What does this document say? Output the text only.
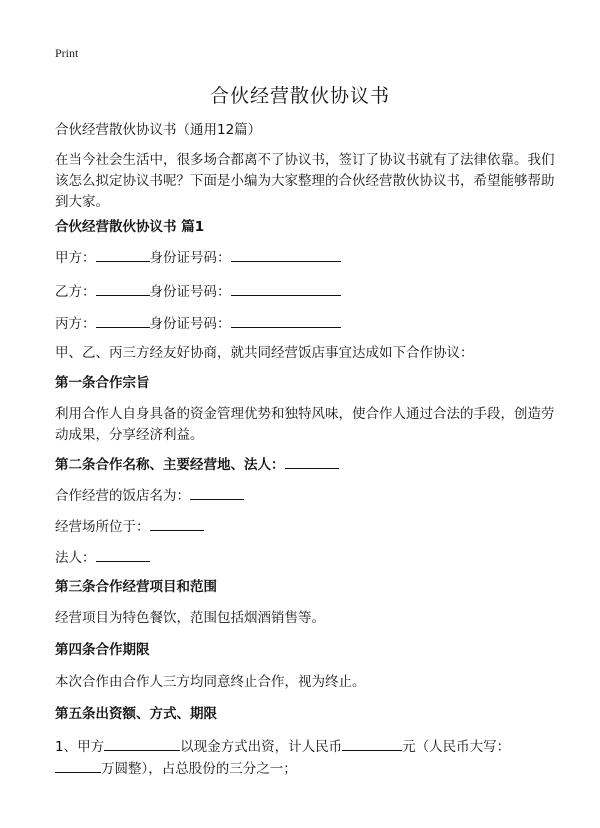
Print
合伙经营散伙协议书

合伙经营散伙协议书（通用12篇）

在当今社会生活中，很多场合都离不了协议书，签订了协议书就有了法律依靠。我们该怎么拟定协议书呢？下面是小编为大家整理的合伙经营散伙协议书，希望能够帮助到大家。

合伙经营散伙协议书 篇1

甲方：	身份证号码：

乙方：	身份证号码：

丙方：	身份证号码：

甲、乙、丙三方经友好协商，就共同经营饭店事宜达成如下合作协议：

第一条合作宗旨

利用合作人自身具备的资金管理优势和独特风味，使合作人通过合法的手段，创造劳动成果，分享经济利益。

第二条合作名称、主要经营地、法人：

合作经营的饭店名为：

经营场所位于：

法人：

第三条合作经营项目和范围

经营项目为特色餐饮，范围包括烟酒销售等。

第四条合作期限

本次合作由合作人三方均同意终止合作，视为终止。

第五条出资额、方式、期限

1、甲方	以现金方式出资，计人民币	元（人民币大写：
万圆整），占总股份的三分之一；
